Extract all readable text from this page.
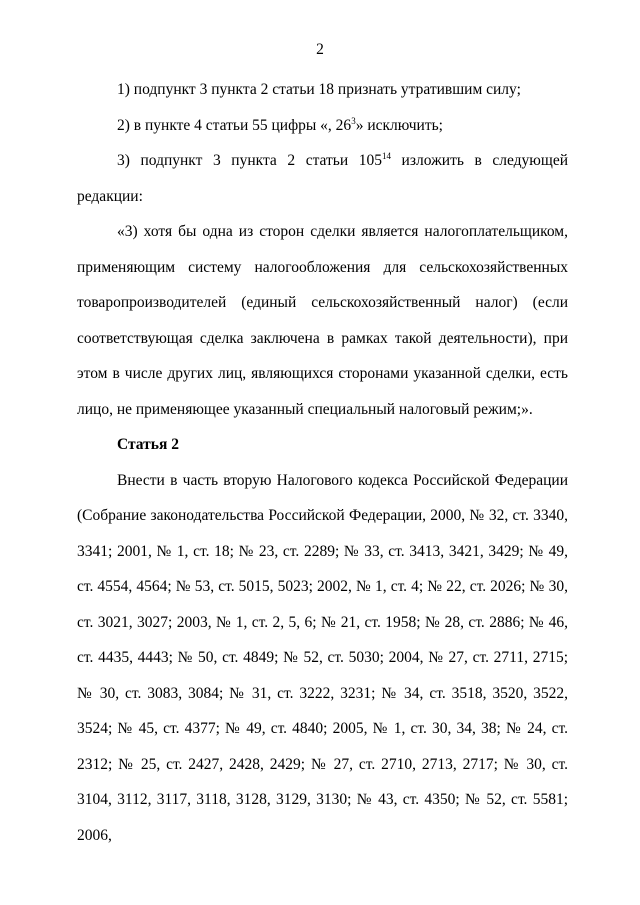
2

1) подпункт 3 пункта 2 статьи 18 признать утратившим силу;

2) в пункте 4 статьи 55 цифры «, $26^3$» исключить;

3) подпункт 3 пункта 2 статьи $105^{14}$ изложить в следующей редакции:

«3) хотя бы одна из сторон сделки является налогоплательщиком, применяющим систему налогообложения для сельскохозяйственных товаропроизводителей (единый сельскохозяйственный налог) (если соответствующая сделка заключена в рамках такой деятельности), при этом в числе других лиц, являющихся сторонами указанной сделки, есть лицо, не применяющее указанный специальный налоговый режим;».

Статья 2

Внести в часть вторую Налогового кодекса Российской Федерации (Собрание законодательства Российской Федерации, 2000, № 32, ст. 3340, 3341; 2001, № 1, ст. 18; № 23, ст. 2289; № 33, ст. 3413, 3421, 3429; № 49, ст. 4554, 4564; № 53, ст. 5015, 5023; 2002, № 1, ст. 4; № 22, ст. 2026; № 30, ст. 3021, 3027; 2003, № 1, ст. 2, 5, 6; № 21, ст. 1958; № 28, ст. 2886; № 46, ст. 4435, 4443; № 50, ст. 4849; № 52, ст. 5030; 2004, № 27, ст. 2711, 2715; № 30, ст. 3083, 3084; № 31, ст. 3222, 3231; № 34, ст. 3518, 3520, 3522, 3524; № 45, ст. 4377; № 49, ст. 4840; 2005, № 1, ст. 30, 34, 38; № 24, ст. 2312; № 25, ст. 2427, 2428, 2429; № 27, ст. 2710, 2713, 2717; № 30, ст. 3104, 3112, 3117, 3118, 3128, 3129, 3130; № 43, ст. 4350; № 52, ст. 5581; 2006,
